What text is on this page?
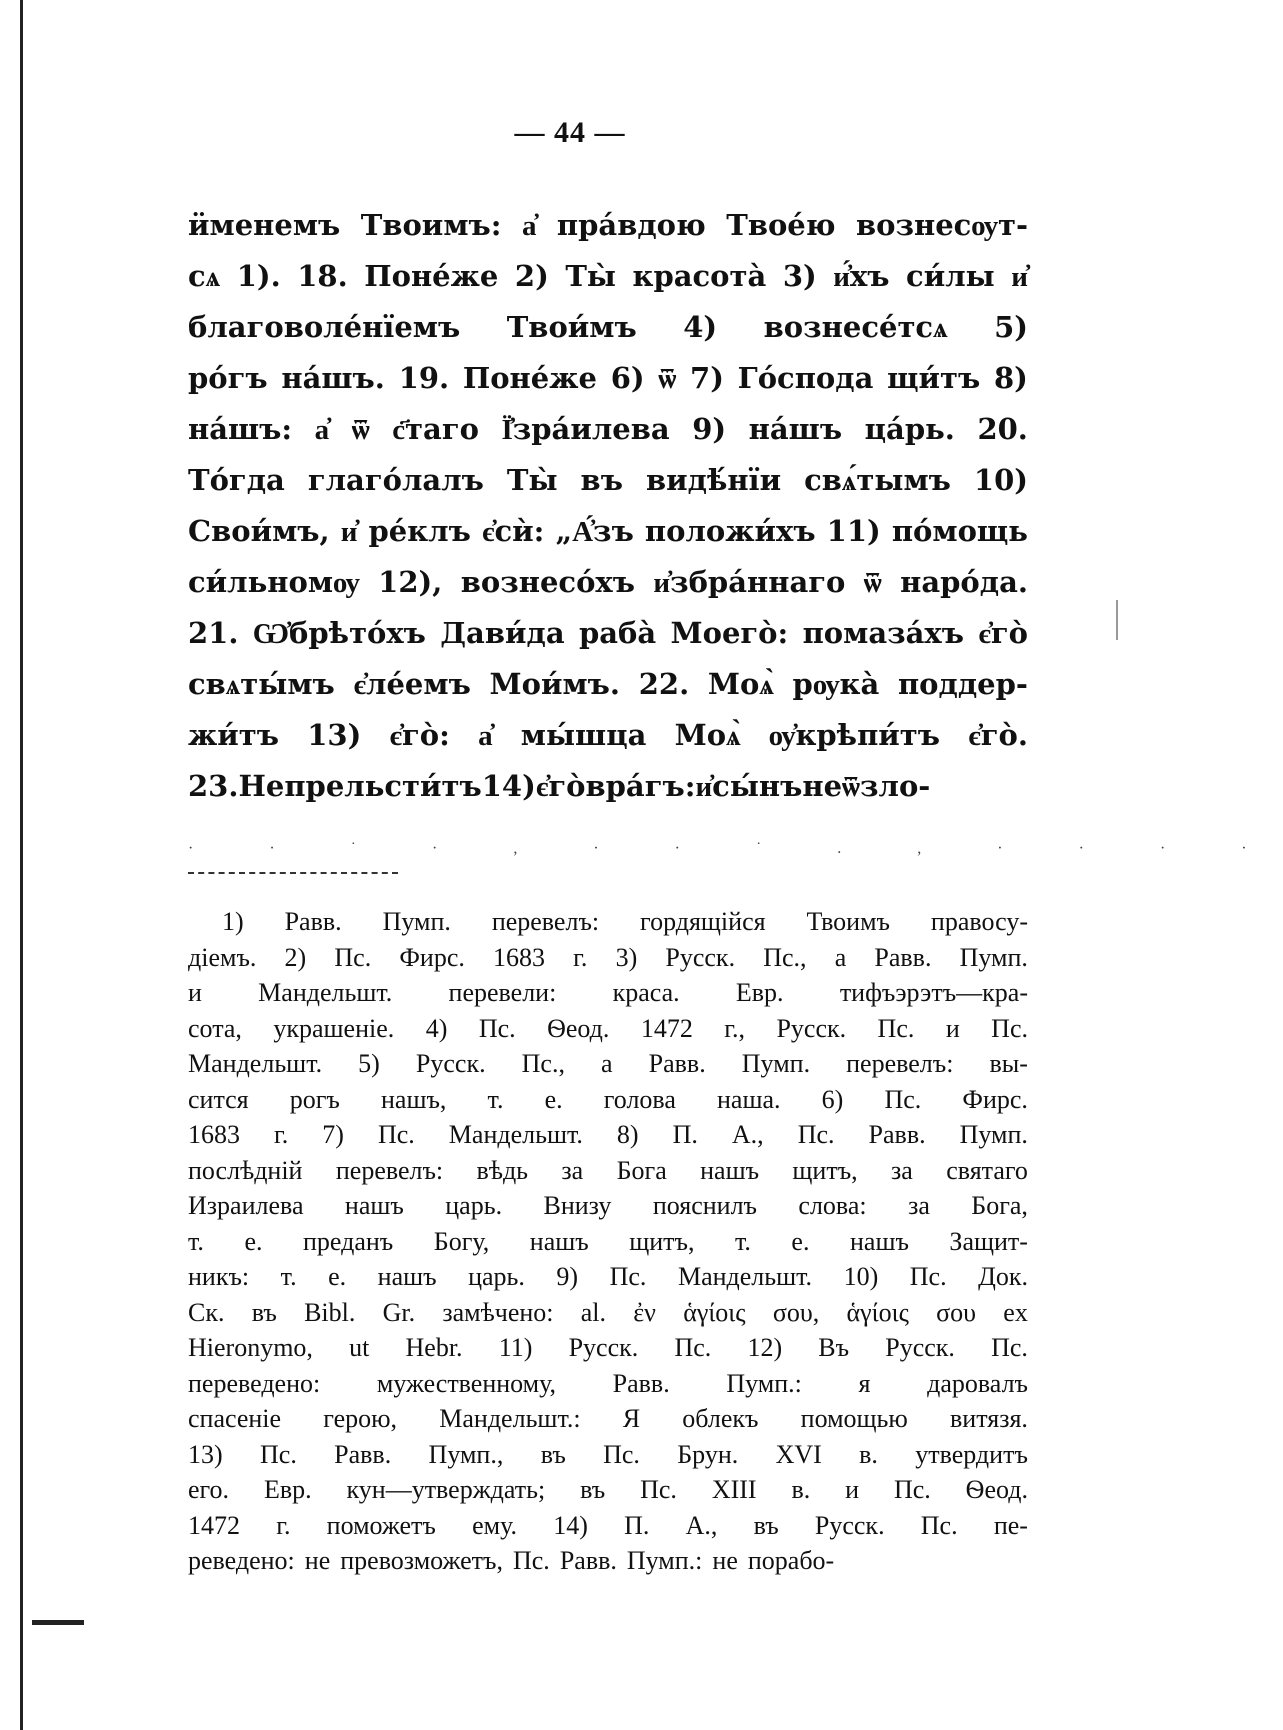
— 44 —
ӥменемъ Твоимъ: а҆ пра́вдою Твое́ю вознесѹт-
сѧ 1). 18. Поне́же 2) Ты̀ красота̀ 3) и҆́хъ си́лы и҆
благоволе́нїемъ Твои́мъ 4) вознесе́тсѧ 5)
ро́гъ на́шъ. 19. Поне́же 6) ѿ 7) Го́спода щи́тъ 8)
на́шъ: а҆ ѿ с҃таго Ї҆зра́илева 9) на́шъ ца́рь. 20.
То́гда глаго́лалъ Ты̀ въ видѣ́нїи свѧ́тымъ 10)
Свои́мъ, и҆ ре́клъ є҆сѝ: „А҆́зъ положи́хъ 11) по́мощь
си́льномѹ 12), вознесо́хъ и҆збра́ннаго ѿ наро́да.
21. Ѡ҆брѣто́хъ Дави́да раба̀ Моего̀: помаза́хъ є҆го̀
свѧты́мъ є҆ле́емъ Мои́мъ. 22. Моѧ̀ рѹка̀ поддер-
жи́тъ 13) є҆го̀: а҆ мы́шца Моѧ̀ ѹ҆крѣпи́тъ є҆го̀.
23. Не прельсти́тъ 14) є҆го̀ вра́гъ: и҆ сы́нъ не ѿзло-
· · ˙ · , · · ˙ . , · · · ·
1) Равв. Пумп. перевелъ: гордящійся Твоимъ правосу-
діемъ. 2) Пс. Фирс. 1683 г. 3) Русск. Пс., а Равв. Пумп.
и Мандельшт. перевели: краса. Евр. тифъэрэтъ—кра-
сота, украшеніе. 4) Пс. Ѳеод. 1472 г., Русск. Пс. и Пс.
Мандельшт. 5) Русск. Пс., а Равв. Пумп. перевелъ: вы-
сится рогъ нашъ, т. е. голова наша. 6) Пс. Фирс.
1683 г. 7) Пс. Мандельшт. 8) П. А., Пс. Равв. Пумп.
послѣдній перевелъ: вѣдь за Бога нашъ щитъ, за святаго
Израилева нашъ царь. Внизу пояснилъ слова: за Бога,
т. е. преданъ Богу, нашъ щитъ, т. е. нашъ Защит-
никъ: т. е. нашъ царь. 9) Пс. Мандельшт. 10) Пс. Док.
Ск. въ Bibl. Gr. замѣчено: al. ἐν ἁγίοις σου, ἁγίοις σου ex
Hieronymo, ut Hebr. 11) Русск. Пс. 12) Въ Русск. Пс.
переведено: мужественному, Равв. Пумп.: я даровалъ
спасеніе герою, Мандельшт.: Я облекъ помощью витязя.
13) Пс. Равв. Пумп., въ Пс. Брун. XVI в. утвердитъ
его. Евр. кун—утверждать; въ Пс. XIII в. и Пс. Ѳеод.
1472 г. поможетъ ему. 14) П. А., въ Русск. Пс. пе-
реведено: не превозможетъ, Пс. Равв. Пумп.: не порабо-
